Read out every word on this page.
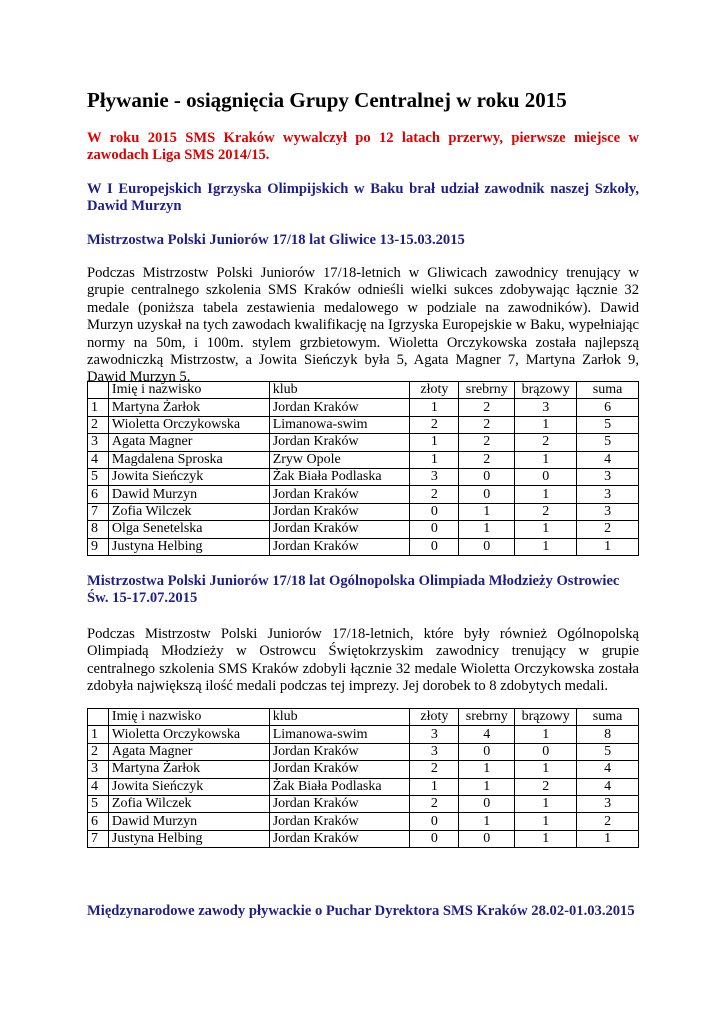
Pływanie - osiągnięcia Grupy Centralnej w roku 2015
W roku 2015 SMS Kraków wywalczył po 12 latach przerwy, pierwsze miejsce w zawodach Liga SMS 2014/15.
W I Europejskich Igrzyska Olimpijskich w Baku brał udział zawodnik naszej Szkoły, Dawid Murzyn
Mistrzostwa Polski Juniorów 17/18 lat Gliwice 13-15.03.2015

Podczas Mistrzostw Polski Juniorów 17/18-letnich w Gliwicach zawodnicy trenujący w grupie centralnego szkolenia SMS Kraków odnieśli wielki sukces zdobywając łącznie 32 medale (poniższa tabela zestawienia medalowego w podziale na zawodników). Dawid Murzyn uzyskał na tych zawodach kwalifikację na Igrzyska Europejskie w Baku, wypełniając normy na 50m, i 100m. stylem grzbietowym. Wioletta Orczykowska została najlepszą zawodniczką Mistrzostw, a Jowita Sieńczyk była 5, Agata Magner 7, Martyna Zarłok 9, Dawid Murzyn 5.

	Imię i nazwisko	klub	złoty	srebrny	brązowy	suma
1	Martyna Żarłok	Jordan Kraków	1	2	3	6
2	Wioletta Orczykowska	Limanowa-swim	2	2	1	5
3	Agata Magner	Jordan Kraków	1	2	2	5
4	Magdalena Sproska	Zryw Opole	1	2	1	4
5	Jowita Sieńczyk	Żak Biała Podlaska	3	0	0	3
6	Dawid Murzyn	Jordan Kraków	2	0	1	3
7	Zofia Wilczek	Jordan Kraków	0	1	2	3
8	Olga Senetelska	Jordan Kraków	0	1	1	2
9	Justyna Helbing	Jordan Kraków	0	0	1	1
Mistrzostwa Polski Juniorów 17/18 lat Ogólnopolska Olimpiada Młodzieży Ostrowiec Św. 15-17.07.2015

Podczas Mistrzostw Polski Juniorów 17/18-letnich, które były również Ogólnopolską Olimpiadą Młodzieży w Ostrowcu Świętokrzyskim zawodnicy trenujący w grupie centralnego szkolenia SMS Kraków zdobyli łącznie 32 medale Wioletta Orczykowska została zdobyła największą ilość medali podczas tej imprezy. Jej dorobek to 8 zdobytych medali.

	Imię i nazwisko	klub	złoty	srebrny	brązowy	suma
1	Wioletta Orczykowska	Limanowa-swim	3	4	1	8
2	Agata Magner	Jordan Kraków	3	0	0	5
3	Martyna Żarłok	Jordan Kraków	2	1	1	4
4	Jowita Sieńczyk	Żak Biała Podlaska	1	1	2	4
5	Zofia Wilczek	Jordan Kraków	2	0	1	3
6	Dawid Murzyn	Jordan Kraków	0	1	1	2
7	Justyna Helbing	Jordan Kraków	0	0	1	1
Międzynarodowe zawody pływackie o Puchar Dyrektora SMS Kraków 28.02-01.03.2015
